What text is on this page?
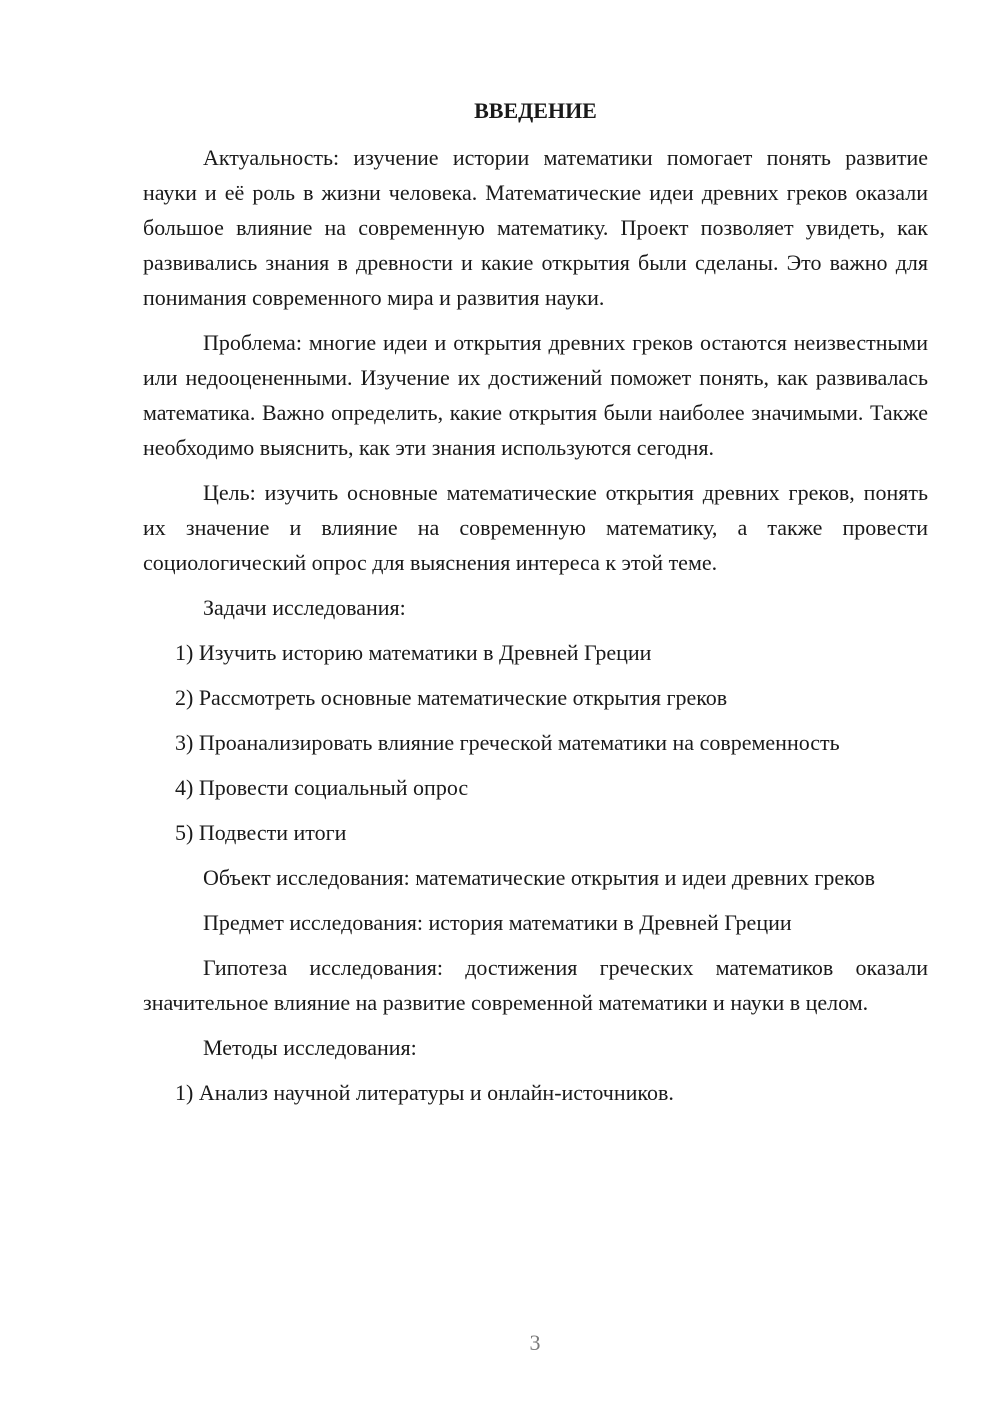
ВВЕДЕНИЕ

Актуальность: изучение истории математики помогает понять развитие науки и её роль в жизни человека. Математические идеи древних греков оказали большое влияние на современную математику. Проект позволяет увидеть, как развивались знания в древности и какие открытия были сделаны. Это важно для понимания современного мира и развития науки.

Проблема: многие идеи и открытия древних греков остаются неизвестными или недооцененными. Изучение их достижений поможет понять, как развивалась математика. Важно определить, какие открытия были наиболее значимыми. Также необходимо выяснить, как эти знания используются сегодня.

Цель: изучить основные математические открытия древних греков, понять их значение и влияние на современную математику, а также провести социологический опрос для выяснения интереса к этой теме.

Задачи исследования:

1) Изучить историю математики в Древней Греции

2) Рассмотреть основные математические открытия греков

3) Проанализировать влияние греческой математики на современность

4) Провести социальный опрос

5) Подвести итоги

Объект исследования: математические открытия и идеи древних греков

Предмет исследования: история математики в Древней Греции

Гипотеза исследования: достижения греческих математиков оказали значительное влияние на развитие современной математики и науки в целом.

Методы исследования:

1) Анализ научной литературы и онлайн-источников.

3
